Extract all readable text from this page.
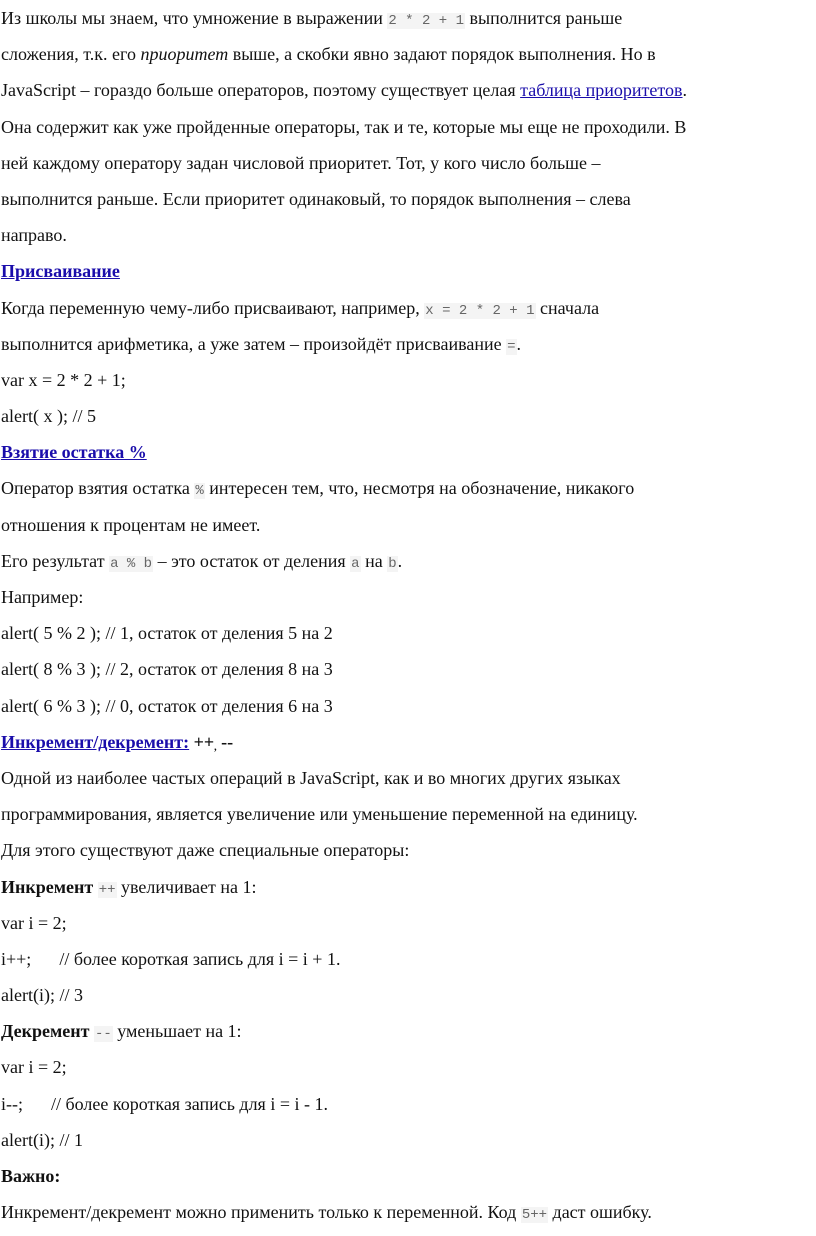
Из школы мы знаем, что умножение в выражении 2 * 2 + 1 выполнится раньше
сложения, т.к. его приоритет выше, а скобки явно задают порядок выполнения. Но в
JavaScript – гораздо больше операторов, поэтому существует целая таблица приоритетов.
Она содержит как уже пройденные операторы, так и те, которые мы еще не проходили. В
ней каждому оператору задан числовой приоритет. Тот, у кого число больше –
выполнится раньше. Если приоритет одинаковый, то порядок выполнения – слева
направо.
Присваивание
Когда переменную чему-либо присваивают, например, x = 2 * 2 + 1 сначала
выполнится арифметика, а уже затем – произойдёт присваивание =.
var x = 2 * 2 + 1;
alert( x ); // 5
Взятие остатка %
Оператор взятия остатка % интересен тем, что, несмотря на обозначение, никакого
отношения к процентам не имеет.
Его результат a % b – это остаток от деления a на b.
Например:
alert( 5 % 2 ); // 1, остаток от деления 5 на 2
alert( 8 % 3 ); // 2, остаток от деления 8 на 3
alert( 6 % 3 ); // 0, остаток от деления 6 на 3
Инкремент/декремент: ++, --
Одной из наиболее частых операций в JavaScript, как и во многих других языках
программирования, является увеличение или уменьшение переменной на единицу.
Для этого существуют даже специальные операторы:
Инкремент ++ увеличивает на 1:
var i = 2;
i++; // более короткая запись для i = i + 1.
alert(i); // 3
Декремент -- уменьшает на 1:
var i = 2;
i--; // более короткая запись для i = i - 1.
alert(i); // 1
Важно:
Инкремент/декремент можно применить только к переменной. Код 5++ даст ошибку.
